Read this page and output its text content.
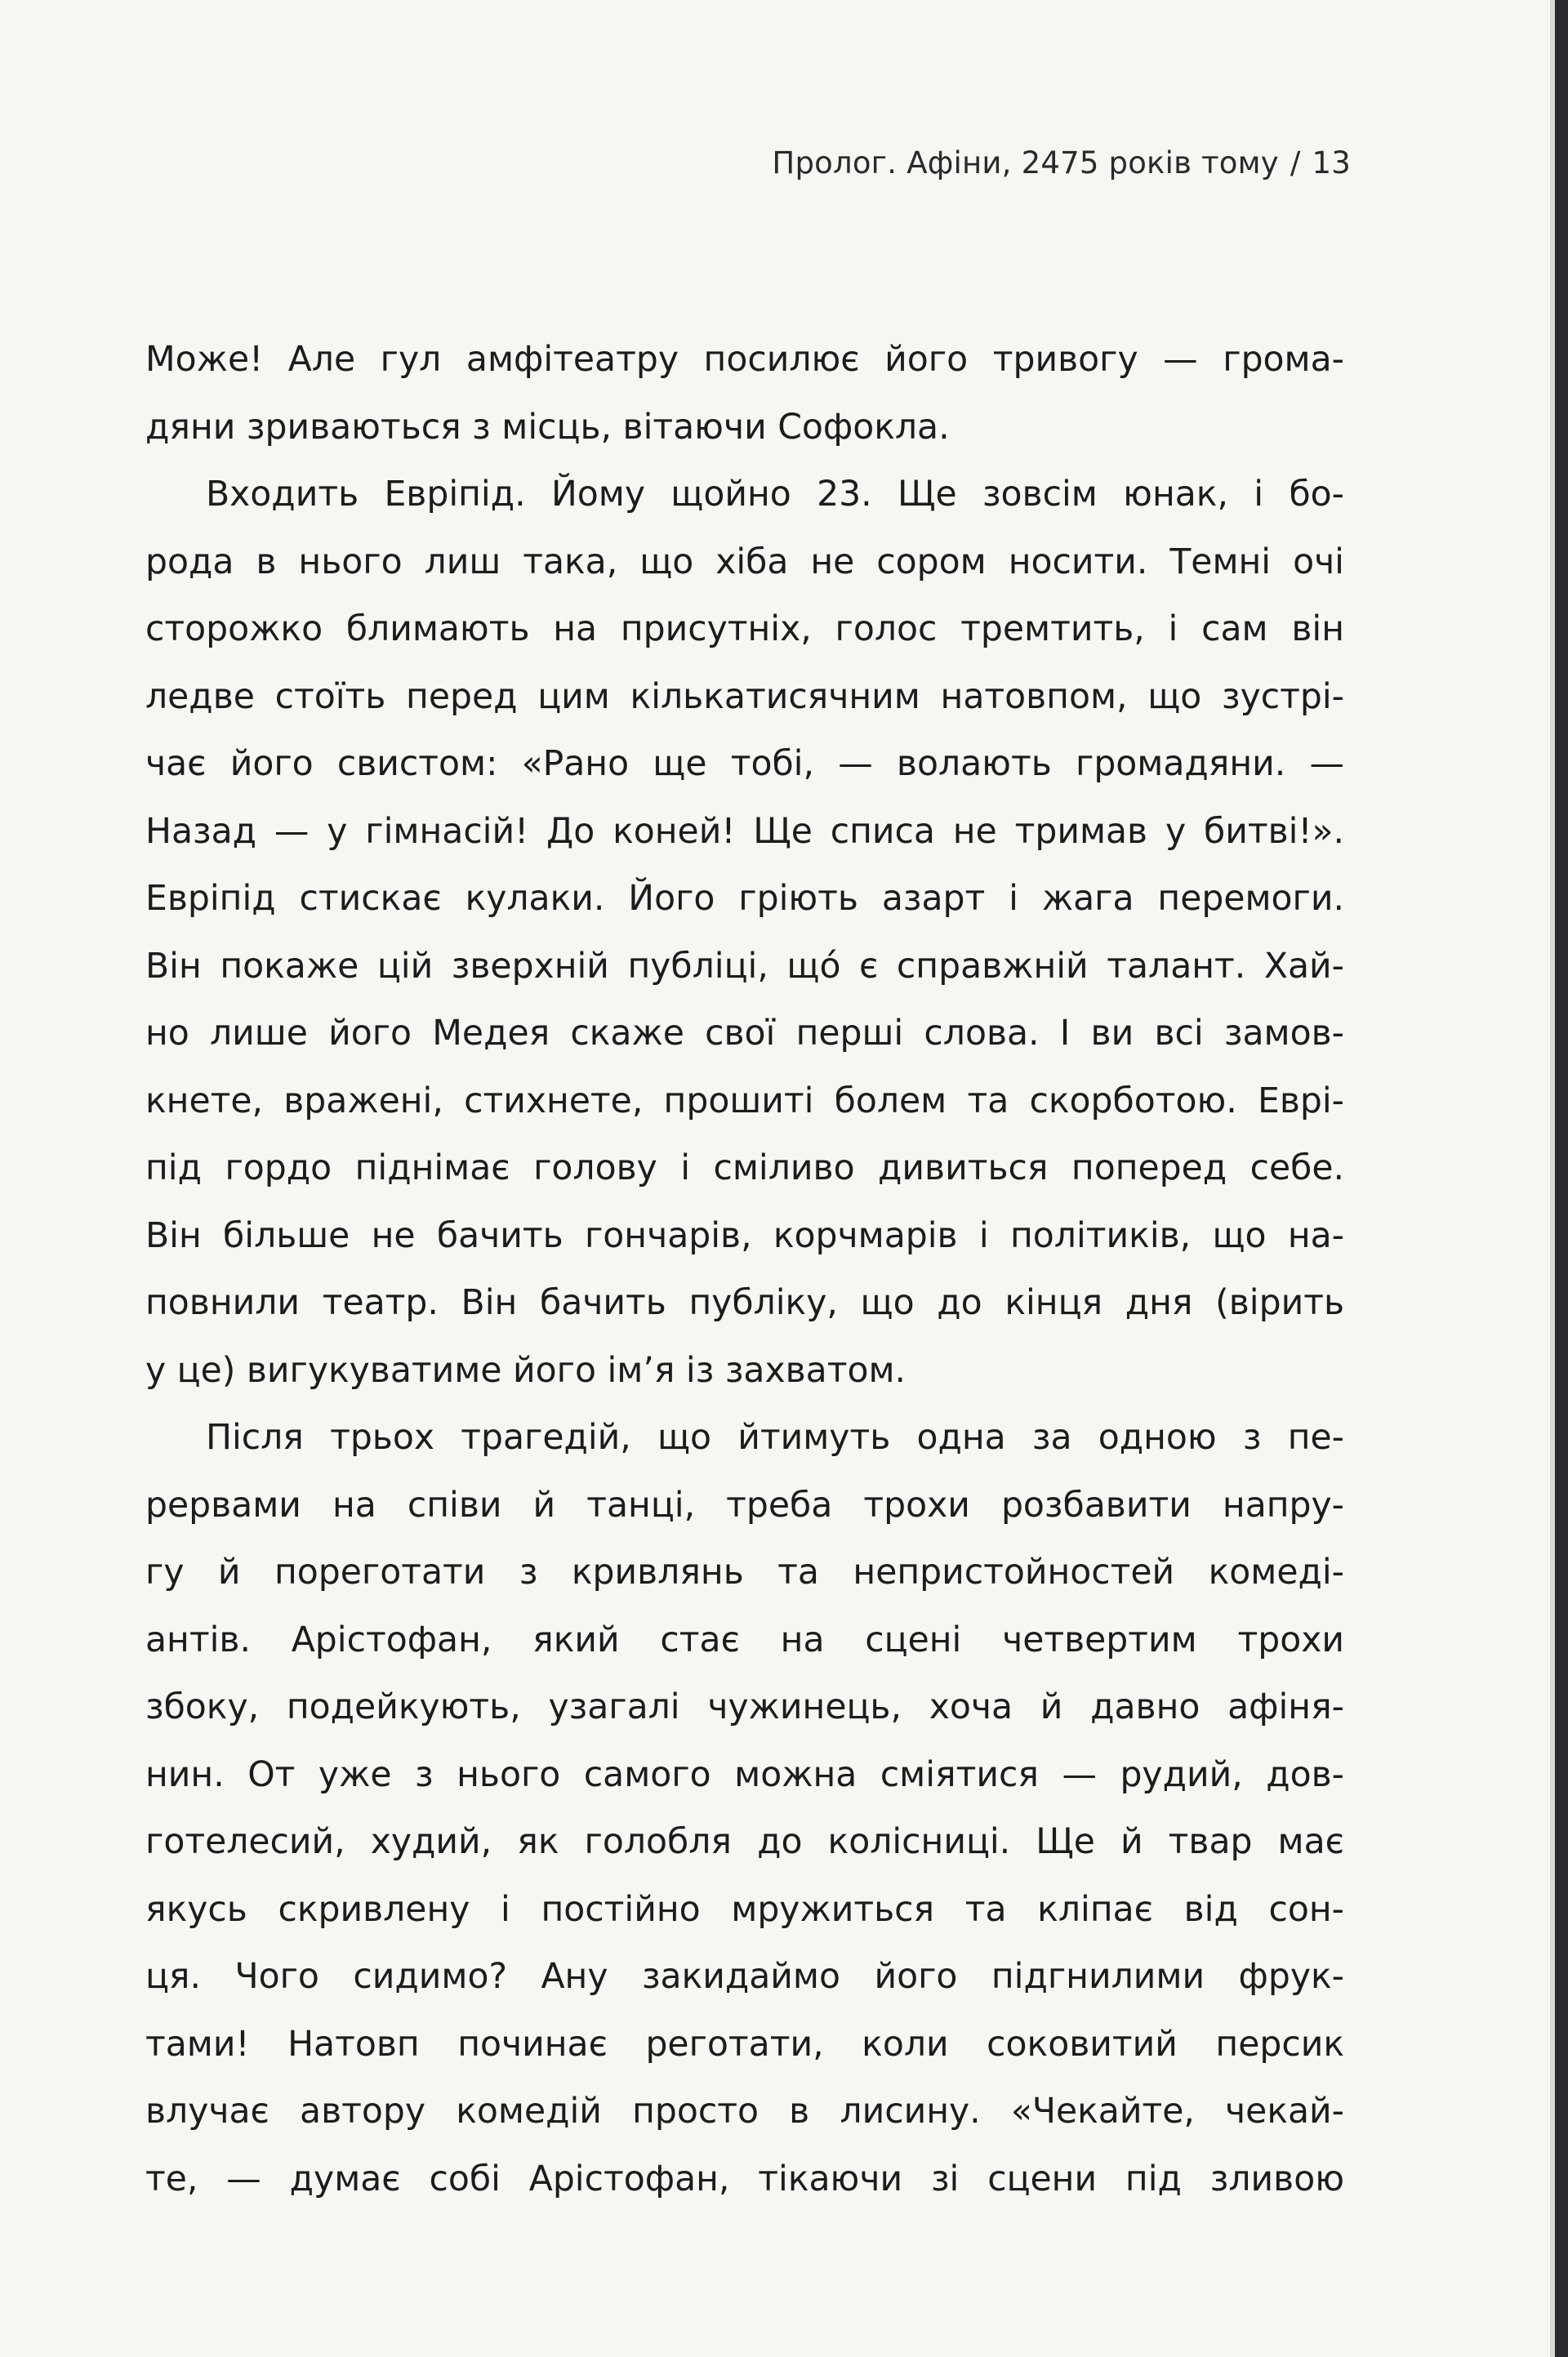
Пролог. Афіни, 2475 років тому / 13
Може! Але гул амфітеатру посилює його тривогу — грома-
дяни зриваються з місць, вітаючи Софокла.
Входить Евріпід. Йому щойно 23. Ще зовсім юнак, і бо-
рода в нього лиш така, що хіба не сором носити. Темні очі
сторожко блимають на присутніх, голос тремтить, і сам він
ледве стоїть перед цим кількатисячним натовпом, що зустрі-
чає його свистом: «Рано ще тобі, — волають громадяни. —
Назад — у гімнасій! До коней! Ще списа не тримав у битві!».
Евріпід стискає кулаки. Його гріють азарт і жага перемоги.
Він покаже цій зверхній публіці, щó є справжній талант. Хай-
но лише його Медея скаже свої перші слова. І ви всі замов-
кнете, вражені, стихнете, прошиті болем та скорботою. Еврі-
під гордо піднімає голову і сміливо дивиться поперед себе.
Він більше не бачить гончарів, корчмарів і політиків, що на-
повнили театр. Він бачить публіку, що до кінця дня (вірить
у це) вигукуватиме його ім’я із захватом.
Після трьох трагедій, що йтимуть одна за одною з пе-
рервами на співи й танці, треба трохи розбавити напру-
гу й пореготати з кривлянь та непристойностей комеді-
антів. Арістофан, який стає на сцені четвертим трохи
збоку, подейкують, узагалі чужинець, хоча й давно афіня-
нин. От уже з нього самого можна сміятися — рудий, дов-
готелесий, худий, як голобля до колісниці. Ще й твар має
якусь скривлену і постійно мружиться та кліпає від сон-
ця. Чого сидимо? Ану закидаймо його підгнилими фрук-
тами! Натовп починає реготати, коли соковитий персик
влучає автору комедій просто в лисину. «Чекайте, чекай-
те, — думає собі Арістофан, тікаючи зі сцени під зливою
